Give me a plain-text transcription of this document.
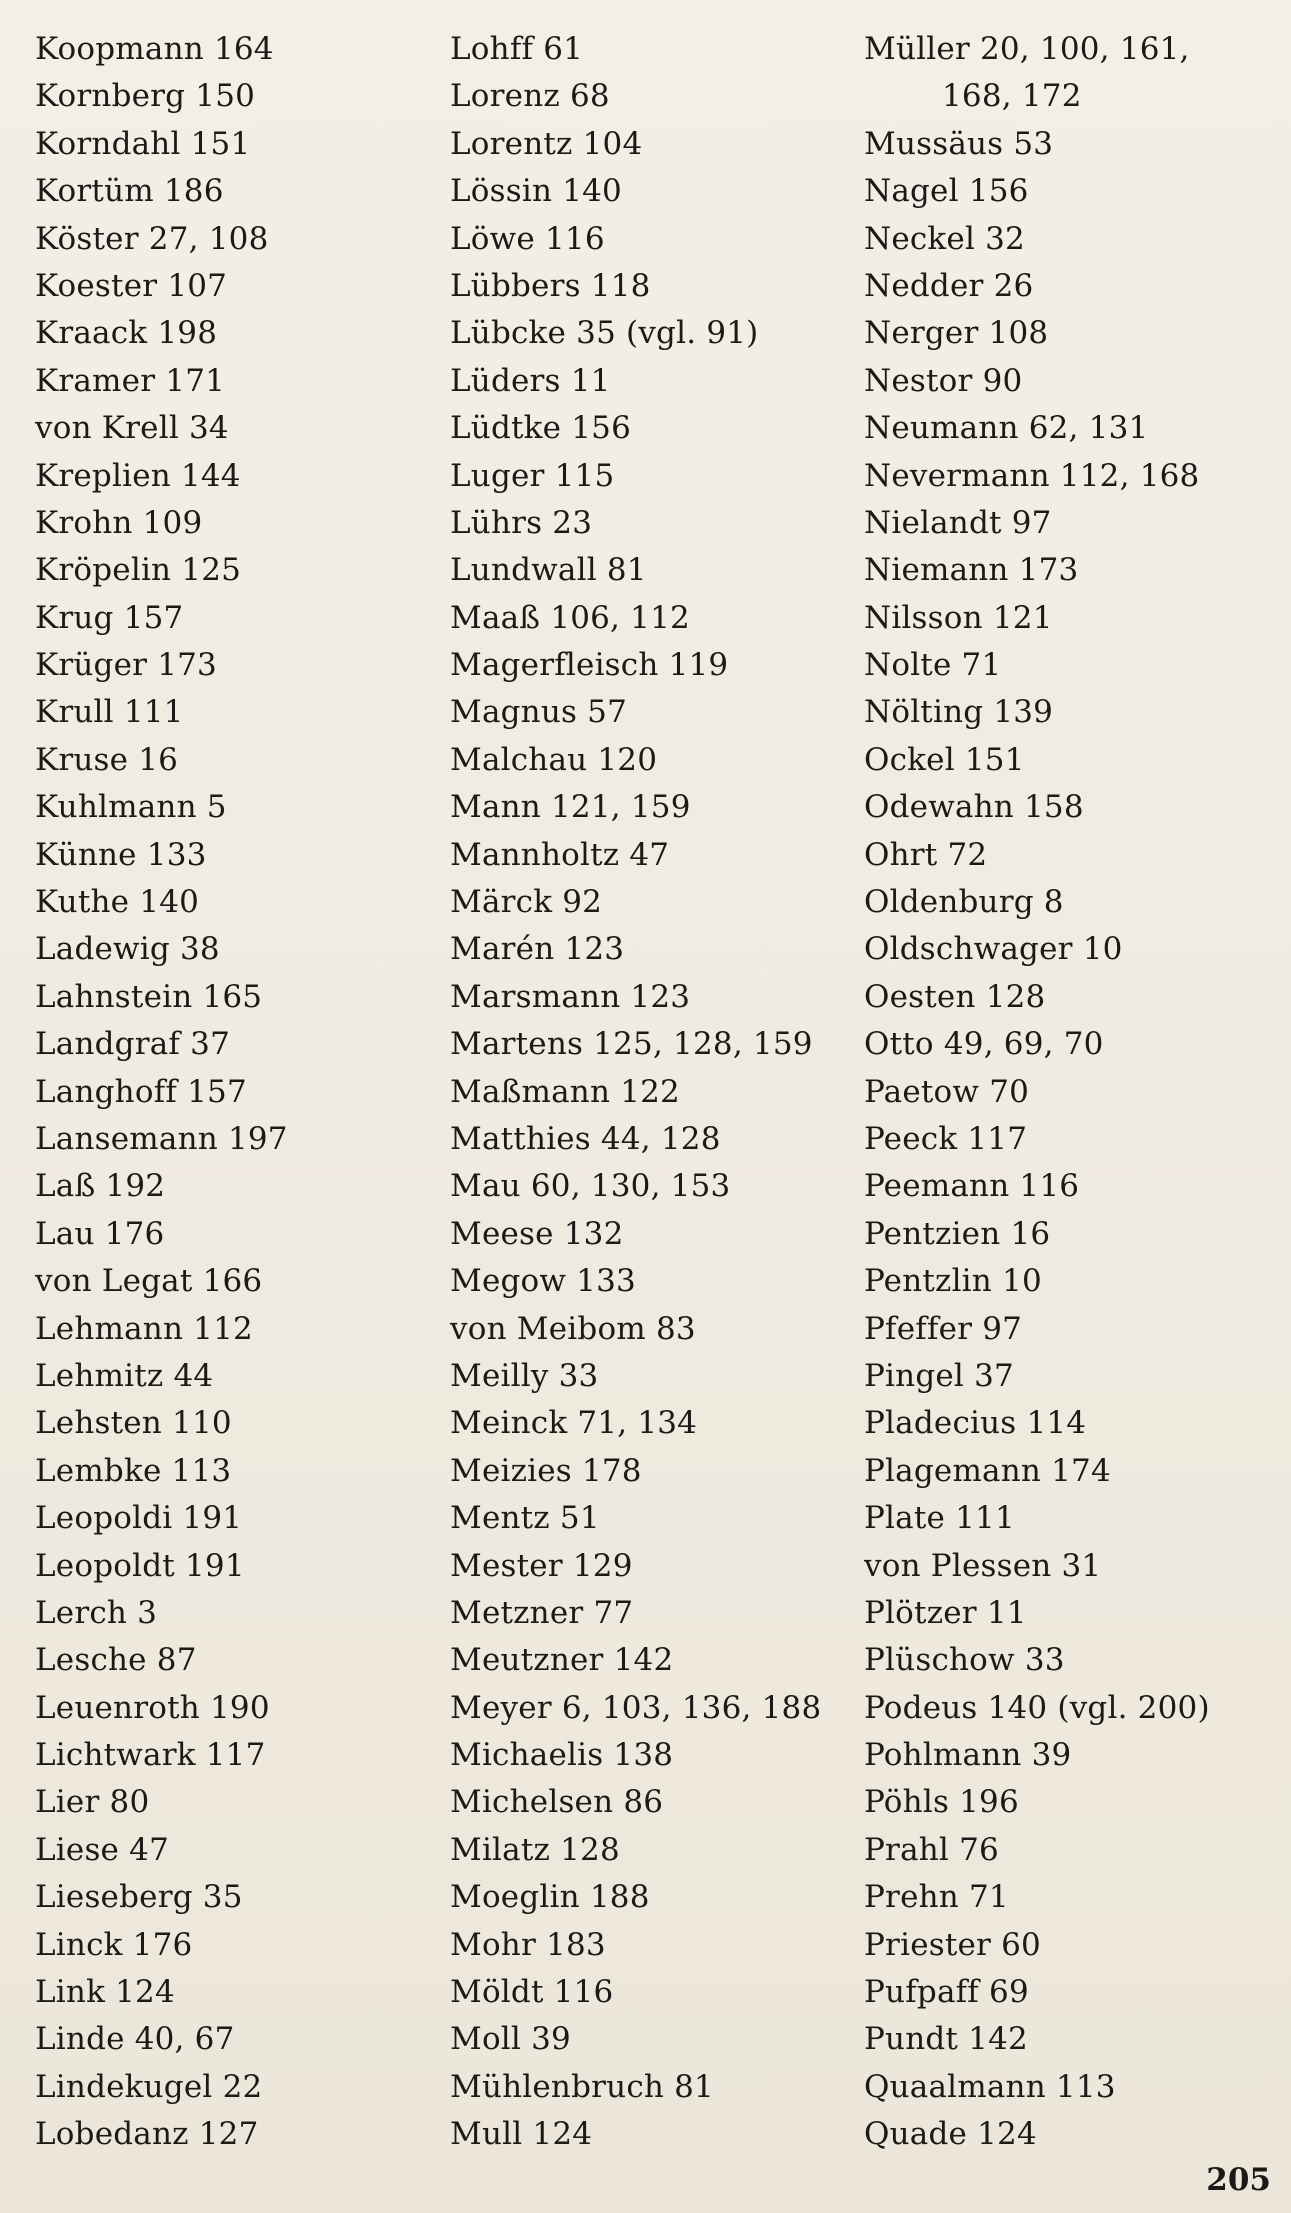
Koopmann 164
Kornberg 150
Korndahl 151
Kortüm 186
Köster 27, 108
Koester 107
Kraack 198
Kramer 171
von Krell 34
Kreplien 144
Krohn 109
Kröpelin 125
Krug 157
Krüger 173
Krull 111
Kruse 16
Kuhlmann 5
Künne 133
Kuthe 140
Ladewig 38
Lahnstein 165
Landgraf 37
Langhoff 157
Lansemann 197
Laß 192
Lau 176
von Legat 166
Lehmann 112
Lehmitz 44
Lehsten 110
Lembke 113
Leopoldi 191
Leopoldt 191
Lerch 3
Lesche 87
Leuenroth 190
Lichtwark 117
Lier 80
Liese 47
Lieseberg 35
Linck 176
Link 124
Linde 40, 67
Lindekugel 22
Lobedanz 127
Lohff 61
Lorenz 68
Lorentz 104
Lössin 140
Löwe 116
Lübbers 118
Lübcke 35 (vgl. 91)
Lüders 11
Lüdtke 156
Luger 115
Lührs 23
Lundwall 81
Maaß 106, 112
Magerfleisch 119
Magnus 57
Malchau 120
Mann 121, 159
Mannholtz 47
Märck 92
Marén 123
Marsmann 123
Martens 125, 128, 159
Maßmann 122
Matthies 44, 128
Mau 60, 130, 153
Meese 132
Megow 133
von Meibom 83
Meilly 33
Meinck 71, 134
Meizies 178
Mentz 51
Mester 129
Metzner 77
Meutzner 142
Meyer 6, 103, 136, 188
Michaelis 138
Michelsen 86
Milatz 128
Moeglin 188
Mohr 183
Möldt 116
Moll 39
Mühlenbruch 81
Mull 124
Müller 20, 100, 161,
168, 172
Mussäus 53
Nagel 156
Neckel 32
Nedder 26
Nerger 108
Nestor 90
Neumann 62, 131
Nevermann 112, 168
Nielandt 97
Niemann 173
Nilsson 121
Nolte 71
Nölting 139
Ockel 151
Odewahn 158
Ohrt 72
Oldenburg 8
Oldschwager 10
Oesten 128
Otto 49, 69, 70
Paetow 70
Peeck 117
Peemann 116
Pentzien 16
Pentzlin 10
Pfeffer 97
Pingel 37
Pladecius 114
Plagemann 174
Plate 111
von Plessen 31
Plötzer 11
Plüschow 33
Podeus 140 (vgl. 200)
Pohlmann 39
Pöhls 196
Prahl 76
Prehn 71
Priester 60
Pufpaff 69
Pundt 142
Quaalmann 113
Quade 124
205
